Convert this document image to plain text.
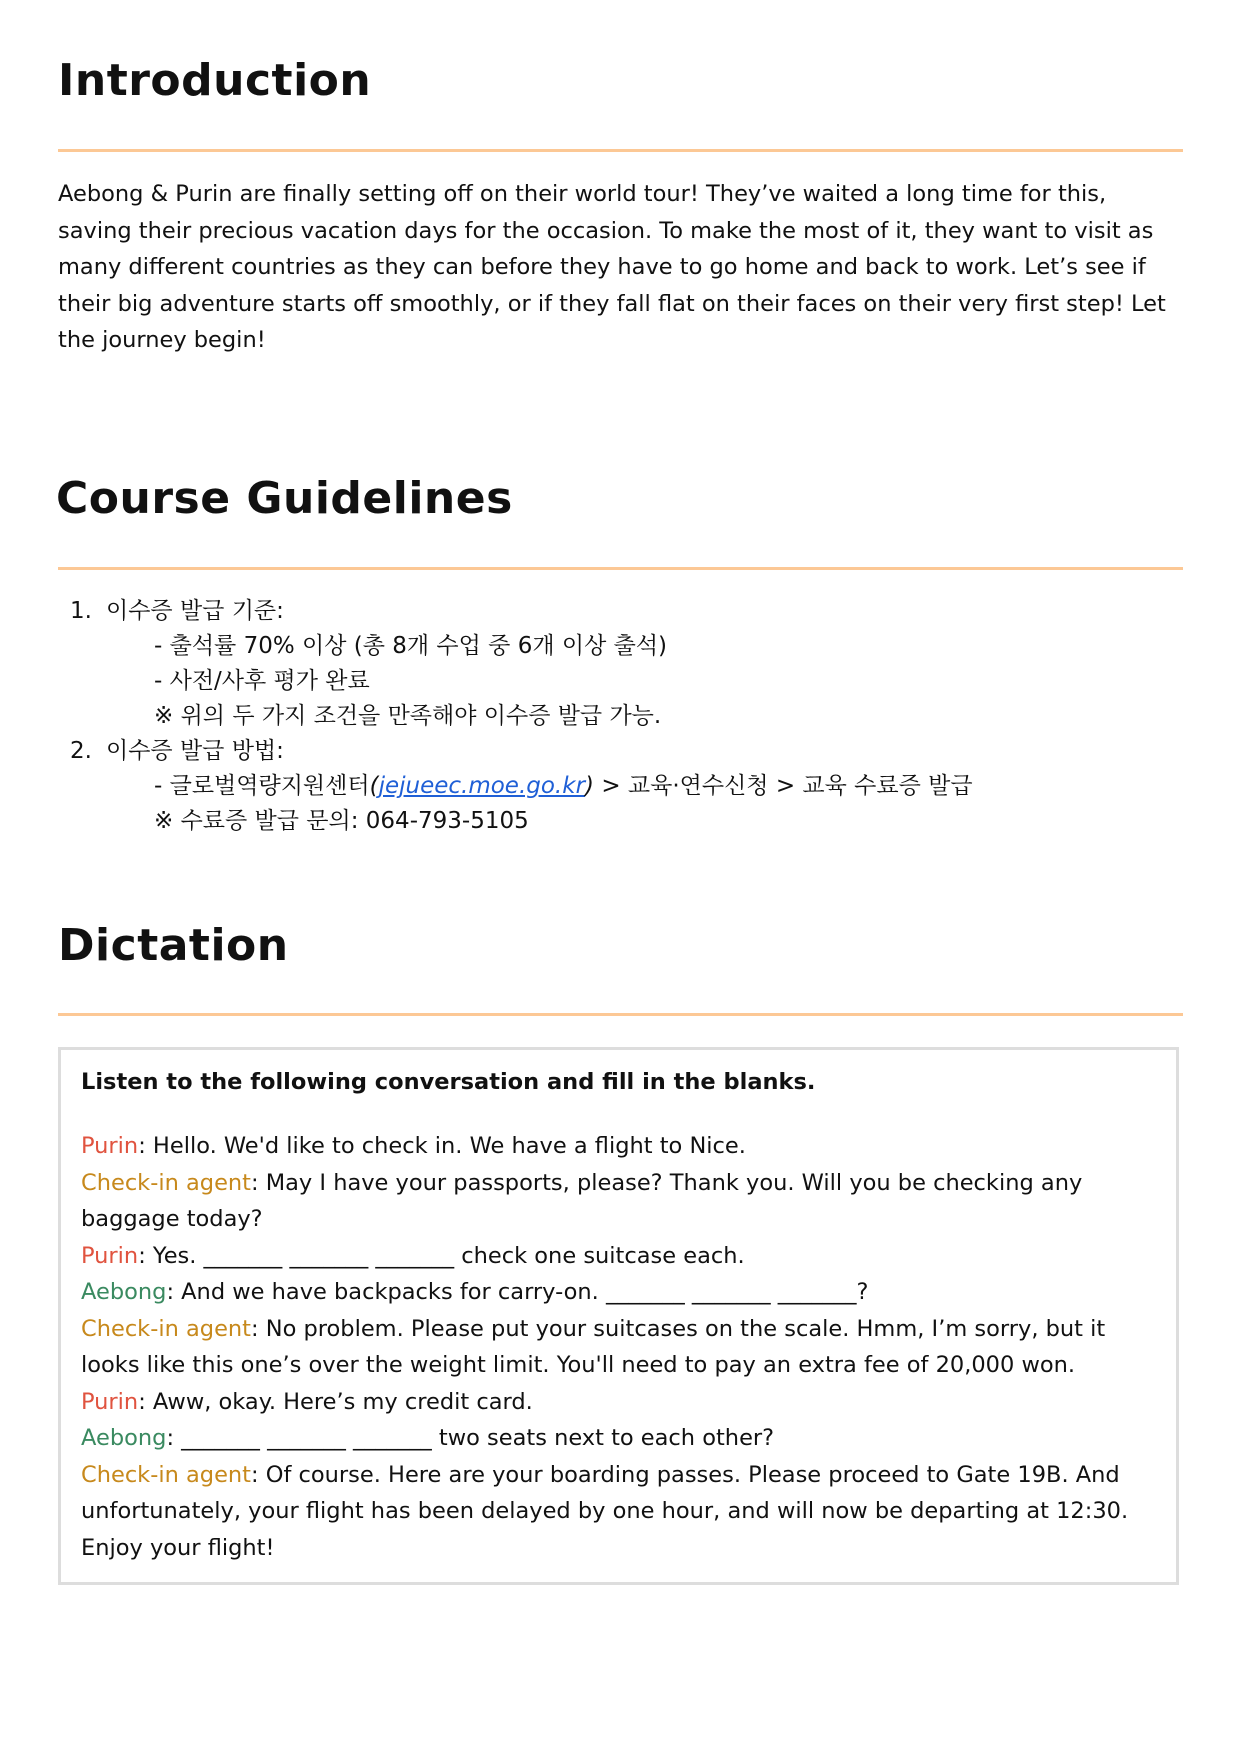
Introduction

Aebong & Purin are finally setting off on their world tour! They’ve waited a long time for this, saving their precious vacation days for the occasion. To make the most of it, they want to visit as many different countries as they can before they have to go home and back to work. Let’s see if their big adventure starts off smoothly, or if they fall flat on their faces on their very first step! Let the journey begin!

Course Guidelines
1. 이수증 발급 기준:
- 출석률 70% 이상 (총 8개 수업 중 6개 이상 출석)
- 사전/사후 평가 완료
※ 위의 두 가지 조건을 만족해야 이수증 발급 가능.
2. 이수증 발급 방법:
- 글로벌역량지원센터(jejueec.moe.go.kr) > 교육·연수신청 > 교육 수료증 발급
※ 수료증 발급 문의: 064-793-5105
Dictation

Listen to the following conversation and fill in the blanks.

Purin: Hello. We'd like to check in. We have a flight to Nice.
Check-in agent: May I have your passports, please? Thank you. Will you be checking any baggage today?
Purin: Yes. _______ _______ _______ check one suitcase each.
Aebong: And we have backpacks for carry-on. _______ _______ _______?
Check-in agent: No problem. Please put your suitcases on the scale. Hmm, I’m sorry, but it looks like this one’s over the weight limit. You'll need to pay an extra fee of 20,000 won.
Purin: Aww, okay. Here’s my credit card.
Aebong: _______ _______ _______ two seats next to each other?
Check-in agent: Of course. Here are your boarding passes. Please proceed to Gate 19B. And unfortunately, your flight has been delayed by one hour, and will now be departing at 12:30. Enjoy your flight!
